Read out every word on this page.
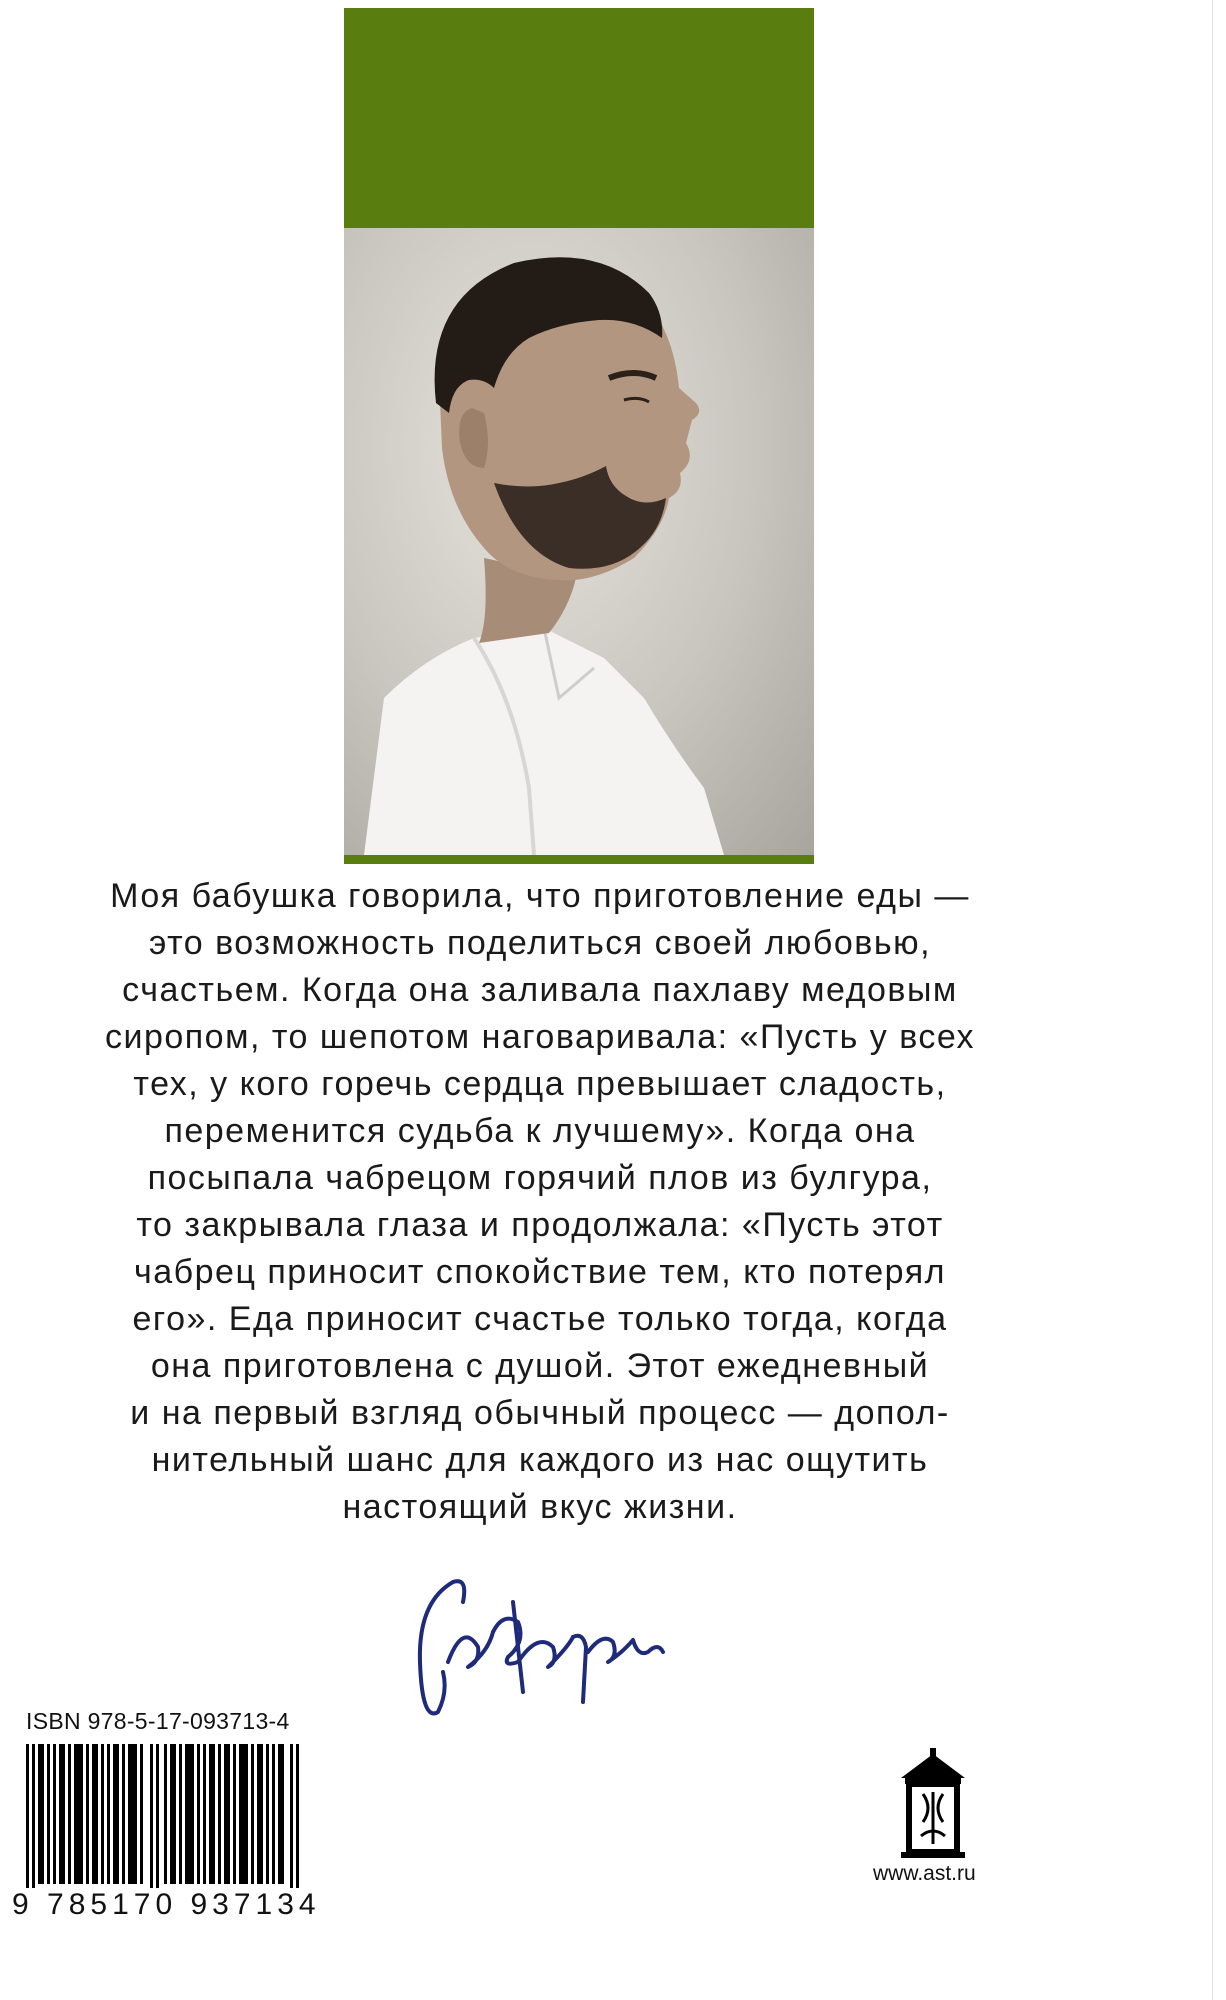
Моя бабушка говорила, что приготовление еды —
это возможность поделиться своей любовью,
счастьем. Когда она заливала пахлаву медовым
сиропом, то шепотом наговаривала: «Пусть у всех
тех, у кого горечь сердца превышает сладость,
переменится судьба к лучшему». Когда она
посыпала чабрецом горячий плов из булгура,
то закрывала глаза и продолжала: «Пусть этот
чабрец приносит спокойствие тем, кто потерял
его». Еда приносит счастье только тогда, когда
она приготовлена с душой. Этот ежедневный
и на первый взгляд обычный процесс — допол-
нительный шанс для каждого из нас ощутить
настоящий вкус жизни.
ISBN 978-5-17-093713-4
9 785170 937134
www.ast.ru
